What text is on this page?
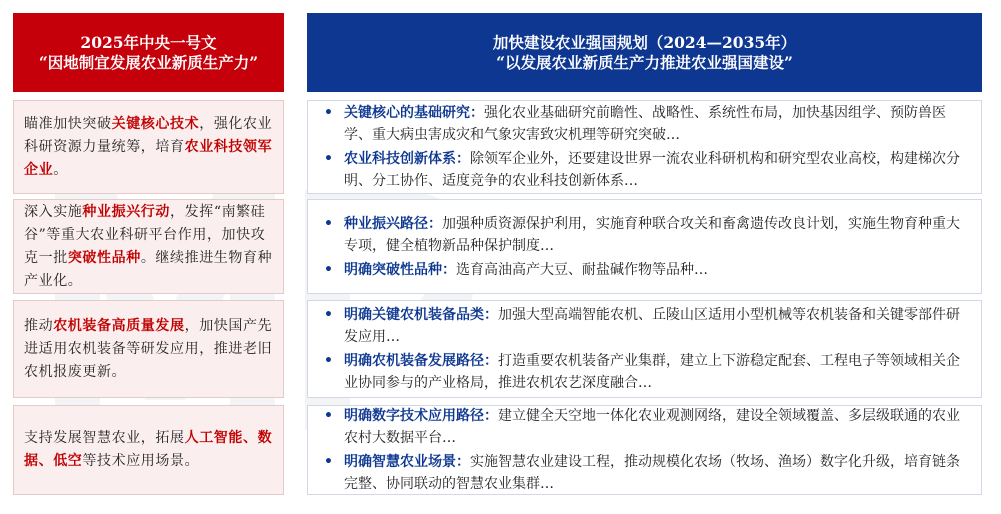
2025年中央一号文
“因地制宜发展农业新质生产力”
加快建设农业强国规划（2024—2035年）
“以发展农业新质生产力推进农业强国建设”

瞄准加快突破关键核心技术，强化农业科研资源力量统筹，培育农业科技领军企业。

深入实施种业振兴行动，发挥“南繁硅谷”等重大农业科研平台作用，加快攻克一批突破性品种。继续推进生物育种产业化。

推动农机装备高质量发展，加快国产先进适用农机装备等研发应用，推进老旧农机报废更新。

支持发展智慧农业，拓展人工智能、数据、低空等技术应用场景。

• 关键核心的基础研究：强化农业基础研究前瞻性、战略性、系统性布局，加快基因组学、预防兽医学、重大病虫害成灾和气象灾害致灾机理等研究突破…
• 农业科技创新体系：除领军企业外，还要建设世界一流农业科研机构和研究型农业高校，构建梯次分明、分工协作、适度竞争的农业科技创新体系…
• 种业振兴路径：加强种质资源保护利用，实施育种联合攻关和畜禽遗传改良计划，实施生物育种重大专项，健全植物新品种保护制度…
• 明确突破性品种：选育高油高产大豆、耐盐碱作物等品种…
• 明确关键农机装备品类：加强大型高端智能农机、丘陵山区适用小型机械等农机装备和关键零部件研发应用…
• 明确农机装备发展路径：打造重要农机装备产业集群，建立上下游稳定配套、工程电子等领域相关企业协同参与的产业格局，推进农机农艺深度融合…
• 明确数字技术应用路径：建立健全天空地一体化农业观测网络，建设全领域覆盖、多层级联通的农业农村大数据平台…
• 明确智慧农业场景：实施智慧农业建设工程，推动规模化农场（牧场、渔场）数字化升级，培育链条完整、协同联动的智慧农业集群…
